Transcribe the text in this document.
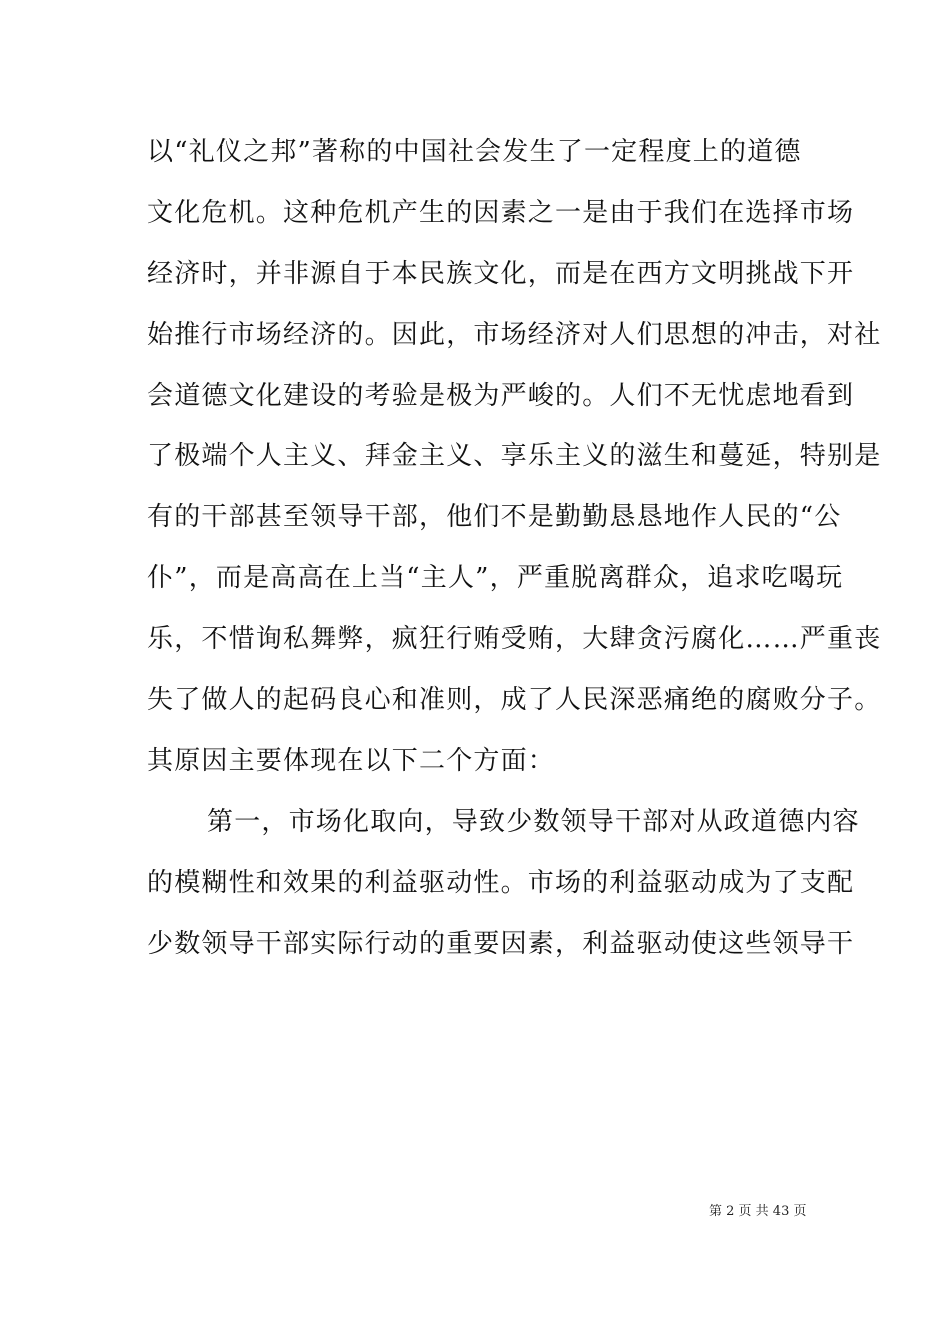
以“礼仪之邦”著称的中国社会发生了一定程度上的道德
文化危机。这种危机产生的因素之一是由于我们在选择市场
经济时，并非源自于本民族文化，而是在西方文明挑战下开
始推行市场经济的。因此，市场经济对人们思想的冲击，对社
会道德文化建设的考验是极为严峻的。人们不无忧虑地看到
了极端个人主义、拜金主义、享乐主义的滋生和蔓延，特别是
有的干部甚至领导干部，他们不是勤勤恳恳地作人民的“公
仆”，而是高高在上当“主人”，严重脱离群众，追求吃喝玩
乐，不惜询私舞弊，疯狂行贿受贿，大肆贪污腐化……严重丧
失了做人的起码良心和准则，成了人民深恶痛绝的腐败分子。
其原因主要体现在以下二个方面：
第一，市场化取向，导致少数领导干部对从政道德内容
的模糊性和效果的利益驱动性。市场的利益驱动成为了支配
少数领导干部实际行动的重要因素，利益驱动使这些领导干
第 2 页 共 43 页
